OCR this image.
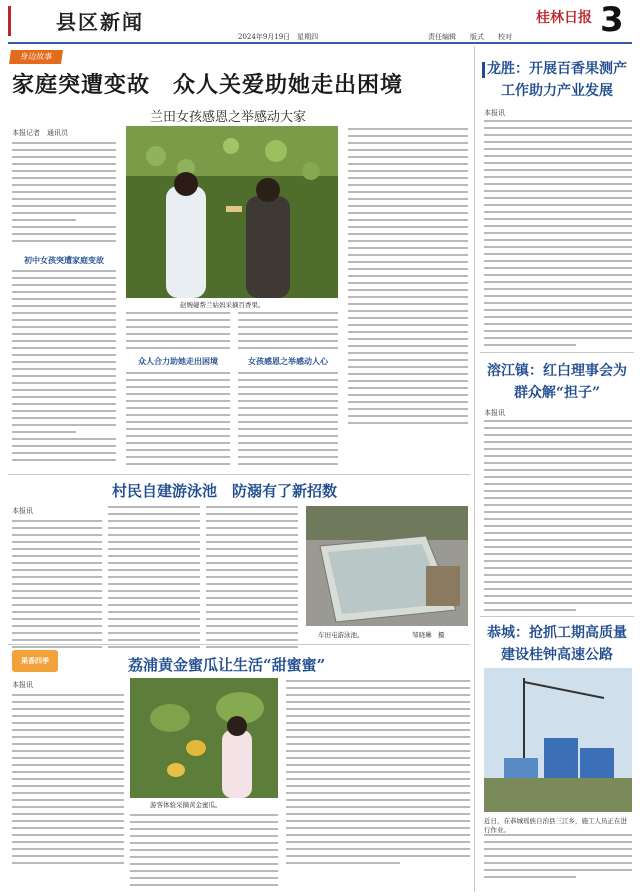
县区新闻
2024年9月19日　星期四	责任编辑　　版式　　校对
桂林日报 3
身边故事
家庭突遭变故　众人关爱助她走出困境
兰田女孩感恩之举感动大家
本报记者　通讯员
初中女孩突遭家庭变故
赵婉婕帮兰姑妈采摘百香果。
众人合力助她走出困境	女孩感恩之举感动人心
村民自建游泳池　防溺有了新招数
本报讯
车田屯游泳池。	邹晓琳　摄
果香四季	荔浦黄金蜜瓜让生活“甜蜜蜜”
本报讯
游客体验采摘黄金蜜瓜。
龙胜：开展百香果测产工作助力产业发展
本报讯
溶江镇：红白理事会为群众解“担子”
本报讯
恭城：抢抓工期高质量建设桂钟高速公路
近日，在恭城瑶族自治县三江乡，施工人员正在进行作业。
